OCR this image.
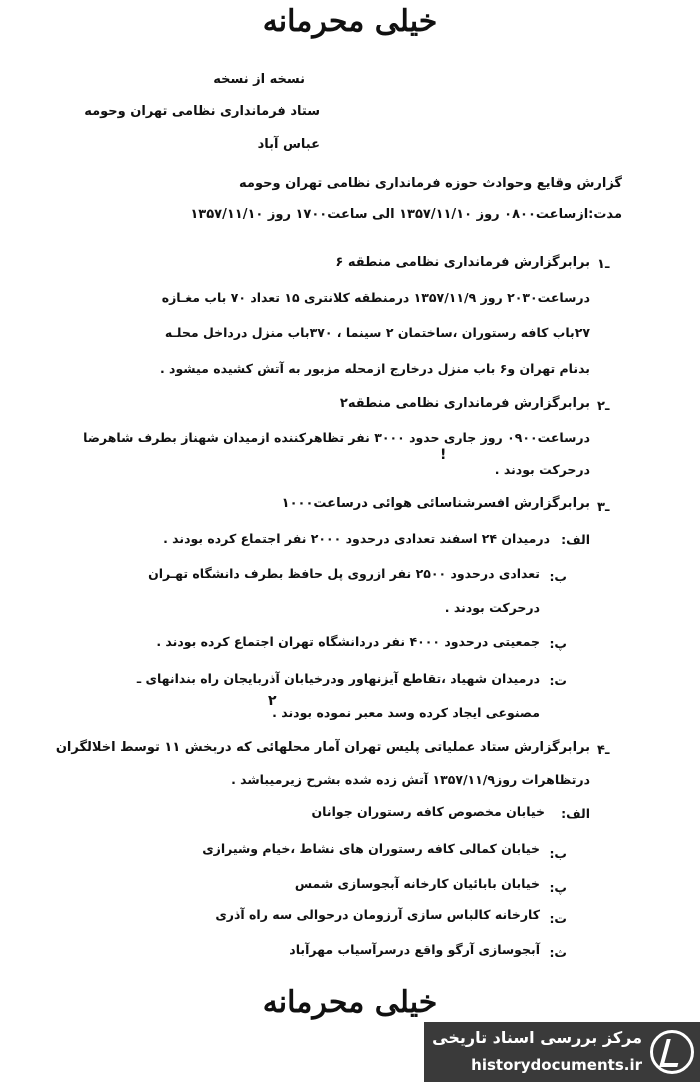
خیلی محرمانه
نسخه از نسخه
ستاد فرمانداری نظامی تهران وحومه
عباس آباد
گزارش وقایع وحوادث حوزه فرمانداری نظامی تهران وحومه
مدت:ازساعت۰۸۰۰ روز ۱۳۵۷/۱۱/۱۰ الی ساعت۱۷۰۰ روز ۱۳۵۷/۱۱/۱۰
۱ـ
برابرگزارش فرمانداری نظامی منطقه ۶
درساعت۲۰۳۰ روز ۱۳۵۷/۱۱/۹ درمنطقه کلانتری ۱۵ تعداد ۷۰ باب مغـازه
۲۷باب کافه رستوران ،ساختمان ۲ سینما ، ۳۷۰باب منزل درداخل محلـه
بدنام تهران و۶ باب منزل درخارج ازمحله مزبور به آتش کشیده میشود .
۲ـ
برابرگزارش فرمانداری نظامی منطقه۲
درساعت۰۹۰۰ روز جاری حدود ۳۰۰۰ نفر تظاهرکننده ازمیدان شهناز بطرف شاهرضا
درحرکت بودند .
!
۳ـ
برابرگزارش افسرشناسائی هوائی درساعت۱۰۰۰
الف:
درمیدان ۲۴ اسفند تعدادی درحدود ۲۰۰۰ نفر اجتماع کرده بودند .
ب:
تعدادی درحدود ۲۵۰۰ نفر ازروی پل حافظ بطرف دانشگاه تهـران
درحرکت بودند .
پ:
جمعیتی درحدود ۴۰۰۰ نفر دردانشگاه تهران اجتماع کرده بودند .
ت:
درمیدان شهیاد ،تقاطع آیزنهاور ودرخیابان آذربایجان راه بندانهای ـ
مصنوعی ایجاد کرده وسد معبر نموده بودند .
۲
۴ـ
برابرگزارش ستاد عملیاتی پلیس تهران آمار محلهائی که دربخش ۱۱ توسط اخلالگران
درتظاهرات روز۱۳۵۷/۱۱/۹ آتش زده شده بشرح زیرمیباشد .
الف:
خیابان مخصوص کافه رستوران جوانان
ب:
خیابان کمالی کافه رستوران های نشاط ،خیام وشیرازی
پ:
خیابان بابائیان کارخانه آبجوسازی شمس
ت:
کارخانه کالباس سازی آرزومان درحوالی سه راه آذری
ث:
آبجوسازی آرگو واقع درسرآسیاب مهرآباد
خیلی محرمانه
مرکز بررسی اسناد تاریخی
historydocuments.ir
